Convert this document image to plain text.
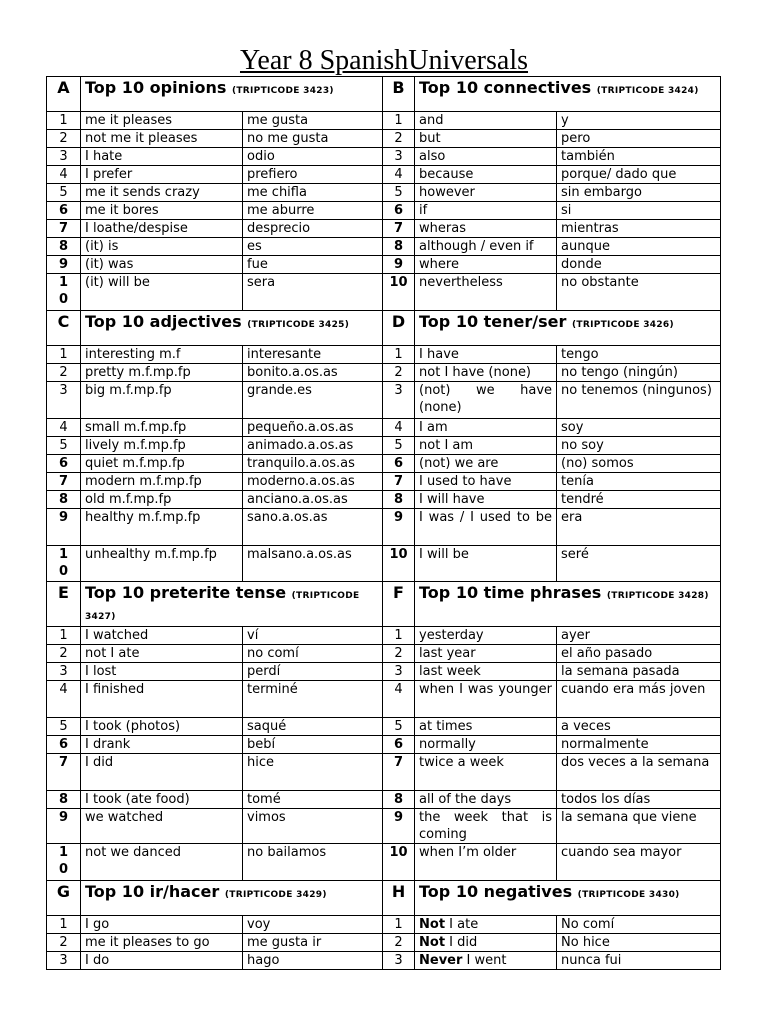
Year 8 SpanishUniversals
A	Top 10 opinions (TRIPTICODE 3423)		B	Top 10 connectives (TRIPTICODE 3424)	
1	me it pleases	me gusta	1	and	y
2	not me it pleases	no me gusta	2	but	pero
3	I hate	odio	3	also	también
4	I prefer	prefiero	4	because	porque/ dado que
5	me it sends crazy	me chifla	5	however	sin embargo
6	me it bores	me aburre	6	if	si
7	I loathe/despise	desprecio	7	wheras	mientras
8	(it) is	es	8	although / even if	aunque
9	(it) was	fue	9	where	donde
10	(it) will be	sera	10	nevertheless	no obstante
C	Top 10 adjectives (TRIPTICODE 3425)		D	Top 10 tener/ser (TRIPTICODE 3426)	
1	interesting m.f	interesante	1	I have	tengo
2	pretty m.f.mp.fp	bonito.a.os.as	2	not I have (none)	no tengo (ningún)
3	big m.f.mp.fp	grande.es	3	(not) we have (none)	no tenemos (ningunos)
4	small m.f.mp.fp	pequeño.a.os.as	4	I am	soy
5	lively m.f.mp.fp	animado.a.os.as	5	not I am	no soy
6	quiet m.f.mp.fp	tranquilo.a.os.as	6	(not) we are	(no) somos
7	modern m.f.mp.fp	moderno.a.os.as	7	I used to have	tenía
8	old m.f.mp.fp	anciano.a.os.as	8	I will have	tendré
9	healthy m.f.mp.fp	sano.a.os.as	9	I was / I used to be	era
10	unhealthy m.f.mp.fp	malsano.a.os.as	10	I will be	seré
E	Top 10 preterite tense (TRIPTICODE 3427)		F	Top 10 time phrases (TRIPTICODE 3428)	
1	I watched	ví	1	yesterday	ayer
2	not I ate	no comí	2	last year	el año pasado
3	I lost	perdí	3	last week	la semana pasada
4	I finished	terminé	4	when I was younger	cuando era más joven
5	I took (photos)	saqué	5	at times	a veces
6	I drank	bebí	6	normally	normalmente
7	I did	hice	7	twice a week	dos veces a la semana
8	I took (ate food)	tomé	8	all of the days	todos los días
9	we watched	vimos	9	the week that is coming	la semana que viene
10	not we danced	no bailamos	10	when I’m older	cuando sea mayor
G	Top 10 ir/hacer (TRIPTICODE 3429)		H	Top 10 negatives (TRIPTICODE 3430)	
1	I go	voy	1	Not I ate	No comí
2	me it pleases to go	me gusta ir	2	Not I did	No hice
3	I do	hago	3	Never I went	nunca fui
